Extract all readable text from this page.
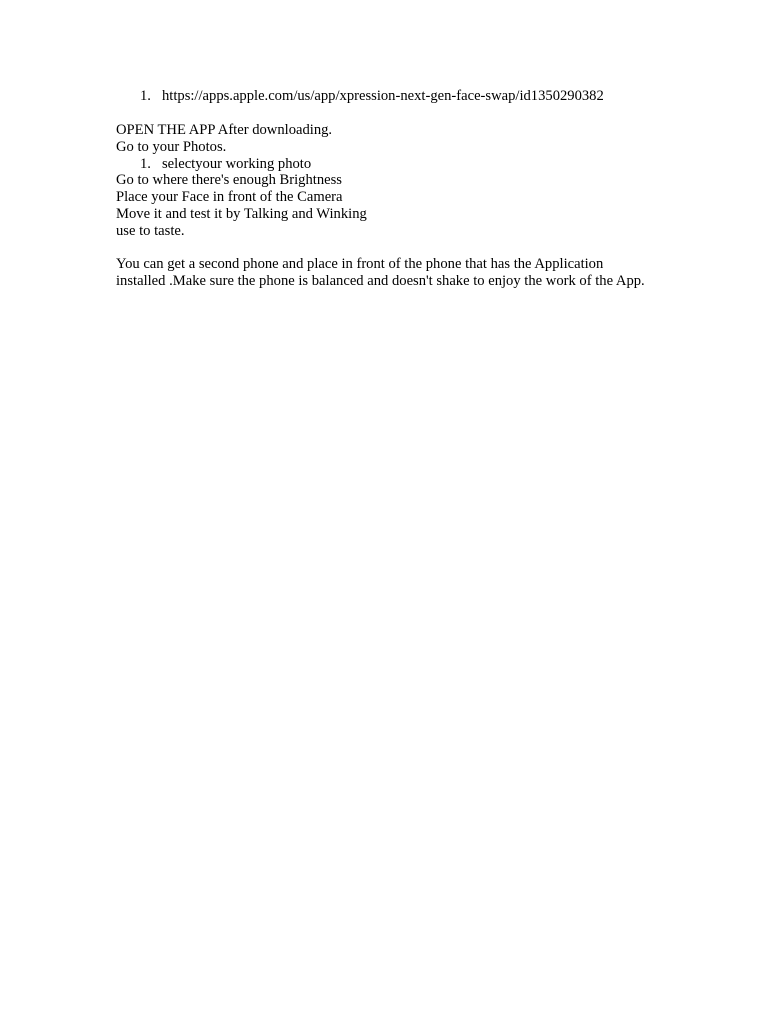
1. https://apps.apple.com/us/app/xpression-next-gen-face-swap/id1350290382
OPEN THE APP After downloading.
Go to your Photos.
1. selectyour working photo
Go to where there's enough Brightness
Place your Face in front of the Camera
Move it and test it by Talking and Winking
use to taste.
You can get a second phone and place in front of the phone that has the Application installed .Make sure the phone is balanced and doesn't shake to enjoy the work of the App.
